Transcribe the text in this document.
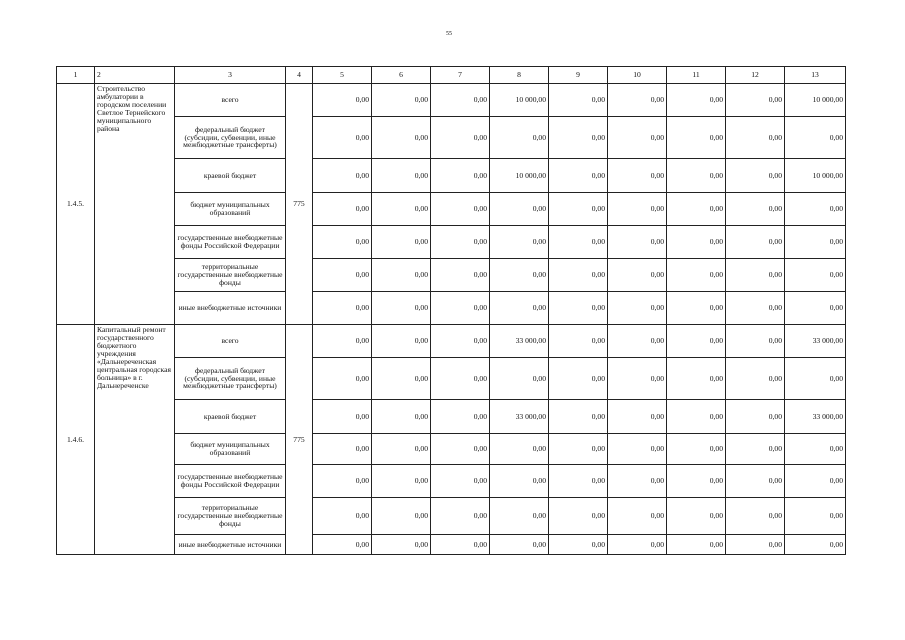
55
1	2	3	4	5	6	7	8	9	10	11	12	13
1.4.5.	Строительство амбулатории в городском поселении Светлое Тернейского муниципального района	всего	775	0,00	0,00	0,00	10 000,00	0,00	0,00	0,00	0,00	10 000,00
		федеральный бюджет (субсидии, субвенции, иные межбюджетные трансферты)		0,00	0,00	0,00	0,00	0,00	0,00	0,00	0,00	0,00
		краевой бюджет		0,00	0,00	0,00	10 000,00	0,00	0,00	0,00	0,00	10 000,00
		бюджет муниципальных образований		0,00	0,00	0,00	0,00	0,00	0,00	0,00	0,00	0,00
		государственные внебюджетные фонды Российской Федерации		0,00	0,00	0,00	0,00	0,00	0,00	0,00	0,00	0,00
		территориальные государственные внебюджетные фонды		0,00	0,00	0,00	0,00	0,00	0,00	0,00	0,00	0,00
		иные внебюджетные источники		0,00	0,00	0,00	0,00	0,00	0,00	0,00	0,00	0,00
1.4.6.	Капитальный ремонт государственного бюджетного учреждения «Дальнереченская центральная городская больница» в г. Дальнереченске	всего	775	0,00	0,00	0,00	33 000,00	0,00	0,00	0,00	0,00	33 000,00
		федеральный бюджет (субсидии, субвенции, иные межбюджетные трансферты)		0,00	0,00	0,00	0,00	0,00	0,00	0,00	0,00	0,00
		краевой бюджет		0,00	0,00	0,00	33 000,00	0,00	0,00	0,00	0,00	33 000,00
		бюджет муниципальных образований		0,00	0,00	0,00	0,00	0,00	0,00	0,00	0,00	0,00
		государственные внебюджетные фонды Российской Федерации		0,00	0,00	0,00	0,00	0,00	0,00	0,00	0,00	0,00
		территориальные государственные внебюджетные фонды		0,00	0,00	0,00	0,00	0,00	0,00	0,00	0,00	0,00
		иные внебюджетные источники		0,00	0,00	0,00	0,00	0,00	0,00	0,00	0,00	0,00
